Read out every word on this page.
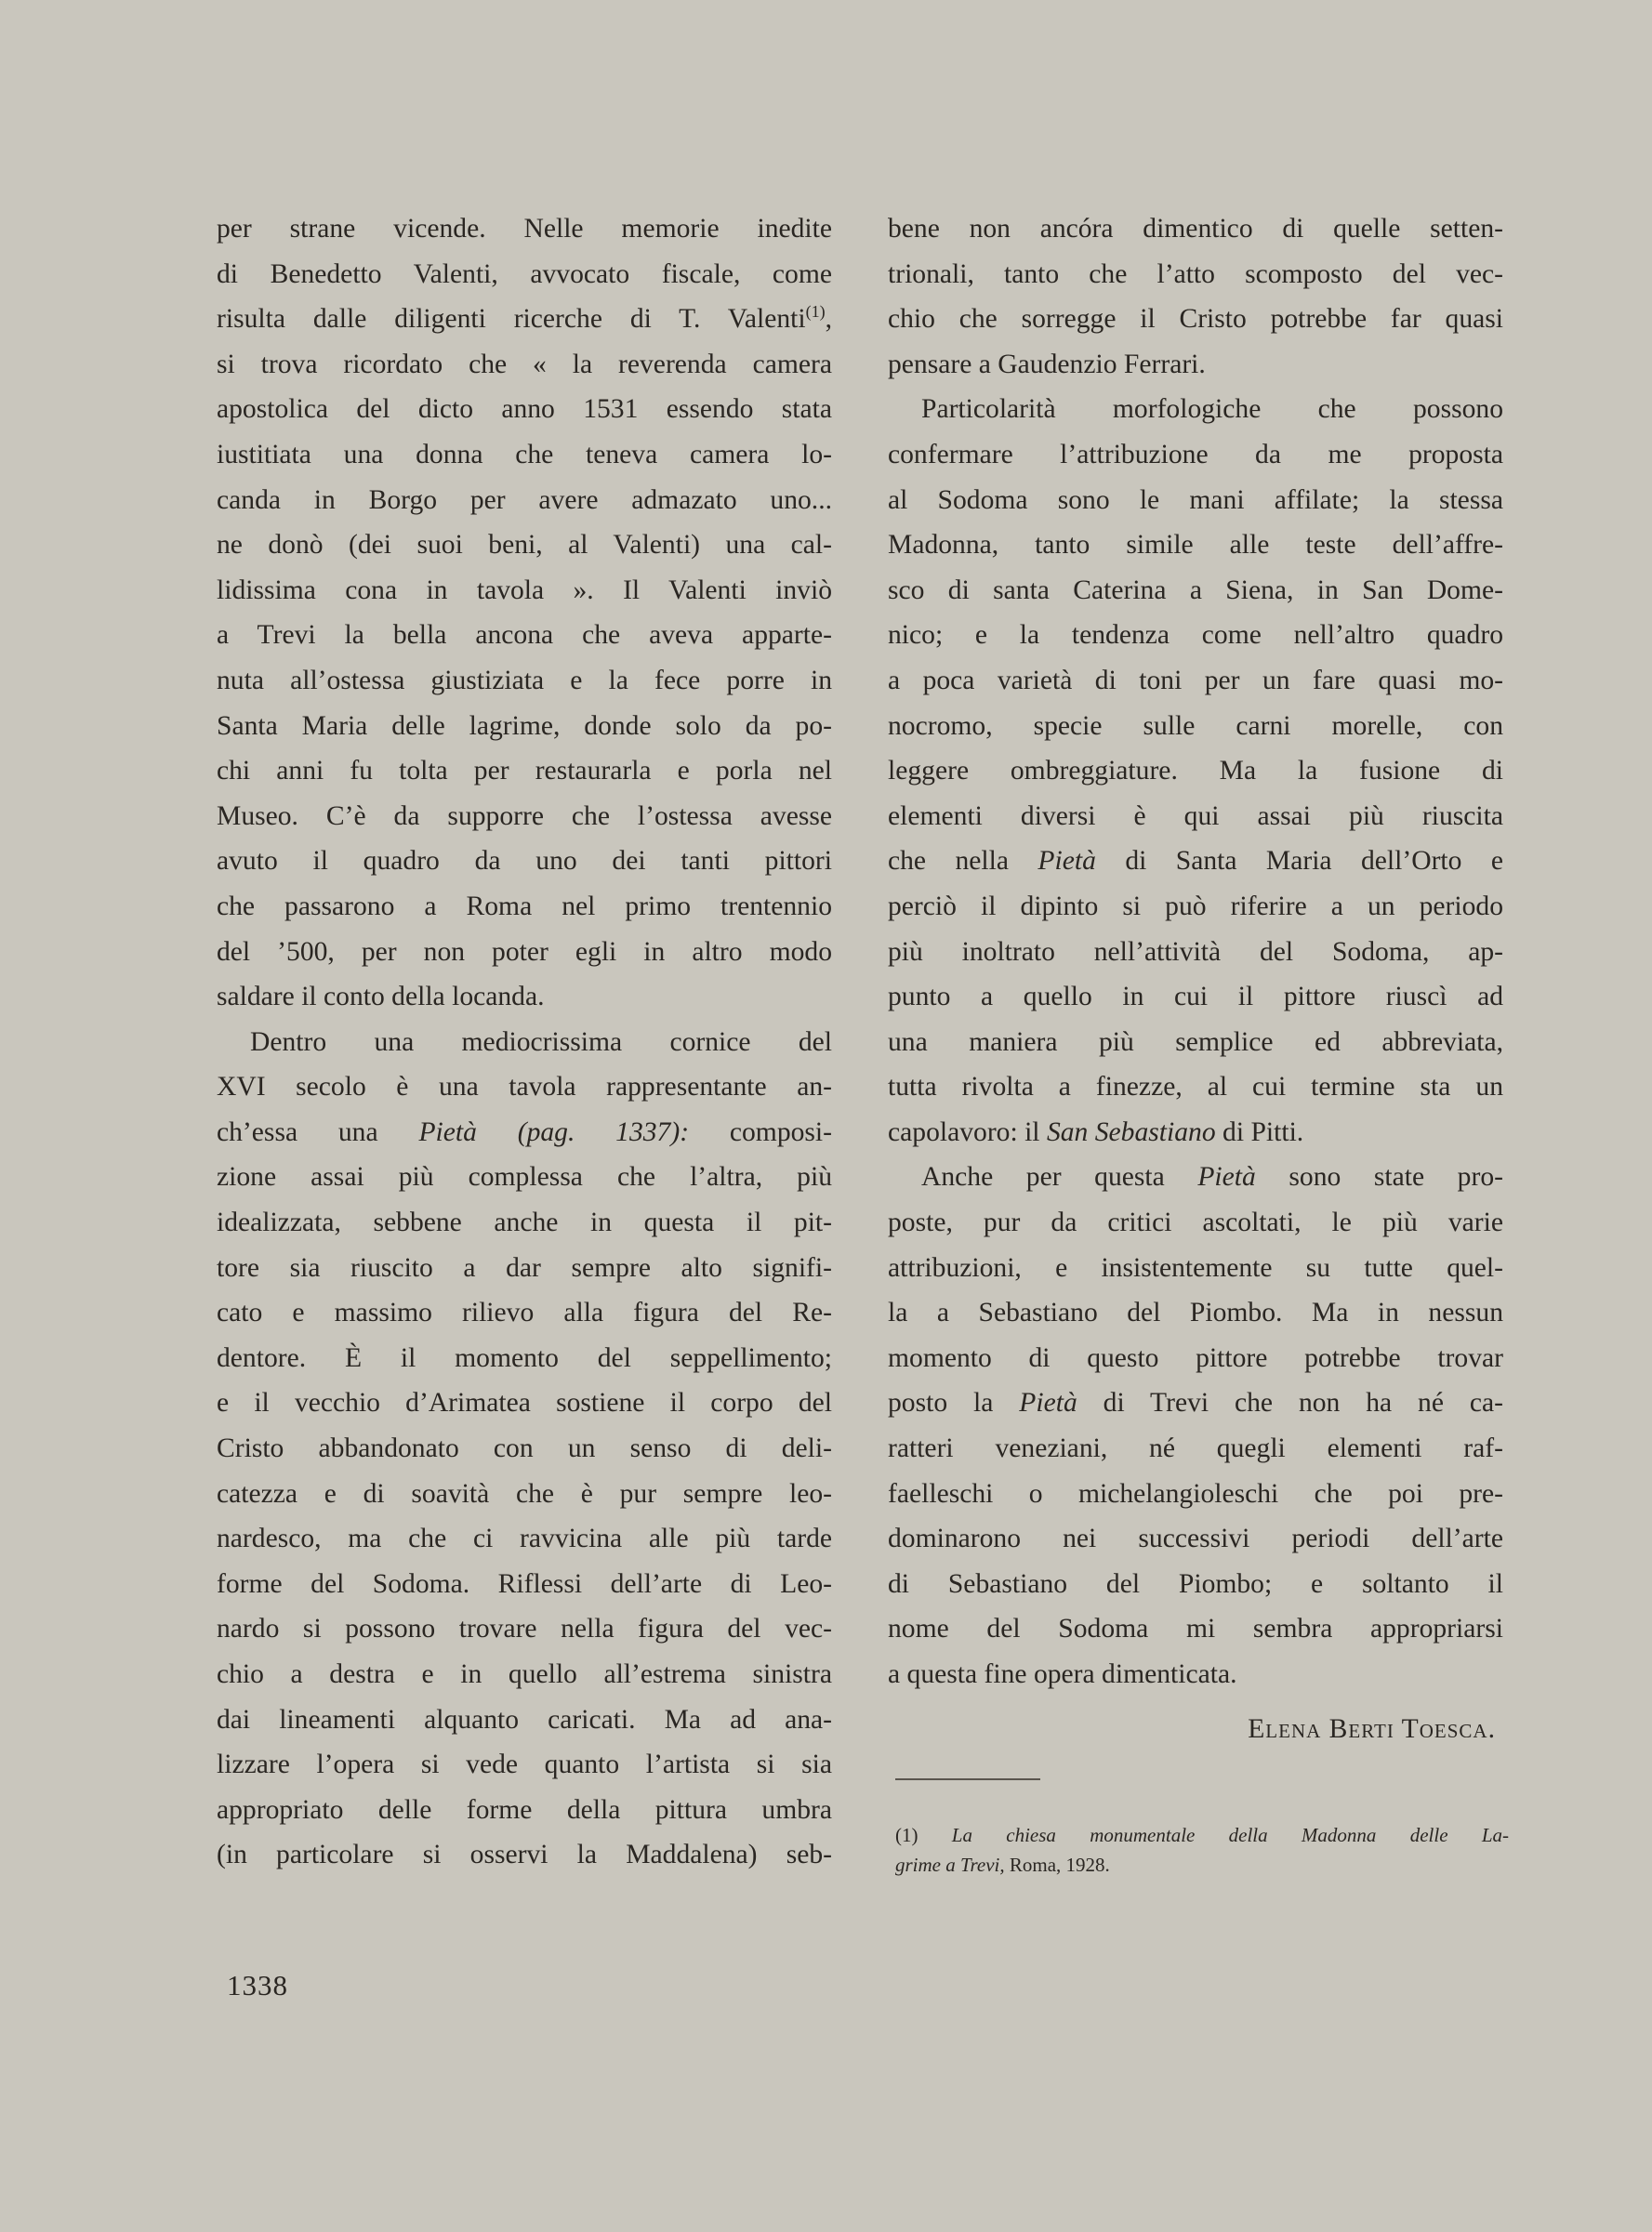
per strane vicende. Nelle memorie inedite
di Benedetto Valenti, avvocato fiscale, come
risulta dalle diligenti ricerche di T. Valenti$^{(1)}$,
si trova ricordato che « la reverenda camera
apostolica del dicto anno 1531 essendo stata
iustitiata una donna che teneva camera lo-
canda in Borgo per avere admazato uno...
ne donò (dei suoi beni, al Valenti) una cal-
lidissima cona in tavola ». Il Valenti inviò
a Trevi la bella ancona che aveva apparte-
nuta all’ostessa giustiziata e la fece porre in
Santa Maria delle lagrime, donde solo da po-
chi anni fu tolta per restaurarla e porla nel
Museo. C’è da supporre che l’ostessa avesse
avuto il quadro da uno dei tanti pittori
che passarono a Roma nel primo trentennio
del ’500, per non poter egli in altro modo
saldare il conto della locanda.
Dentro una mediocrissima cornice del
XVI secolo è una tavola rappresentante an-
ch’essa una Pietà (pag. 1337): composi-
zione assai più complessa che l’altra, più
idealizzata, sebbene anche in questa il pit-
tore sia riuscito a dar sempre alto signifi-
cato e massimo rilievo alla figura del Re-
dentore. È il momento del seppellimento;
e il vecchio d’Arimatea sostiene il corpo del
Cristo abbandonato con un senso di deli-
catezza e di soavità che è pur sempre leo-
nardesco, ma che ci ravvicina alle più tarde
forme del Sodoma. Riflessi dell’arte di Leo-
nardo si possono trovare nella figura del vec-
chio a destra e in quello all’estrema sinistra
dai lineamenti alquanto caricati. Ma ad ana-
lizzare l’opera si vede quanto l’artista si sia
appropriato delle forme della pittura umbra
(in particolare si osservi la Maddalena) seb-
bene non ancóra dimentico di quelle setten-
trionali, tanto che l’atto scomposto del vec-
chio che sorregge il Cristo potrebbe far quasi
pensare a Gaudenzio Ferrari.
Particolarità morfologiche che possono
confermare l’attribuzione da me proposta
al Sodoma sono le mani affilate; la stessa
Madonna, tanto simile alle teste dell’affre-
sco di santa Caterina a Siena, in San Dome-
nico; e la tendenza come nell’altro quadro
a poca varietà di toni per un fare quasi mo-
nocromo, specie sulle carni morelle, con
leggere ombreggiature. Ma la fusione di
elementi diversi è qui assai più riuscita
che nella Pietà di Santa Maria dell’Orto e
perciò il dipinto si può riferire a un periodo
più inoltrato nell’attività del Sodoma, ap-
punto a quello in cui il pittore riuscì ad
una maniera più semplice ed abbreviata,
tutta rivolta a finezze, al cui termine sta un
capolavoro: il San Sebastiano di Pitti.
Anche per questa Pietà sono state pro-
poste, pur da critici ascoltati, le più varie
attribuzioni, e insistentemente su tutte quel-
la a Sebastiano del Piombo. Ma in nessun
momento di questo pittore potrebbe trovar
posto la Pietà di Trevi che non ha né ca-
ratteri veneziani, né quegli elementi raf-
faelleschi o michelangioleschi che poi pre-
dominarono nei successivi periodi dell’arte
di Sebastiano del Piombo; e soltanto il
nome del Sodoma mi sembra appropriarsi
a questa fine opera dimenticata.
Elena Berti Toesca.
(1) La chiesa monumentale della Madonna delle La-
grime a Trevi, Roma, 1928.
1338
